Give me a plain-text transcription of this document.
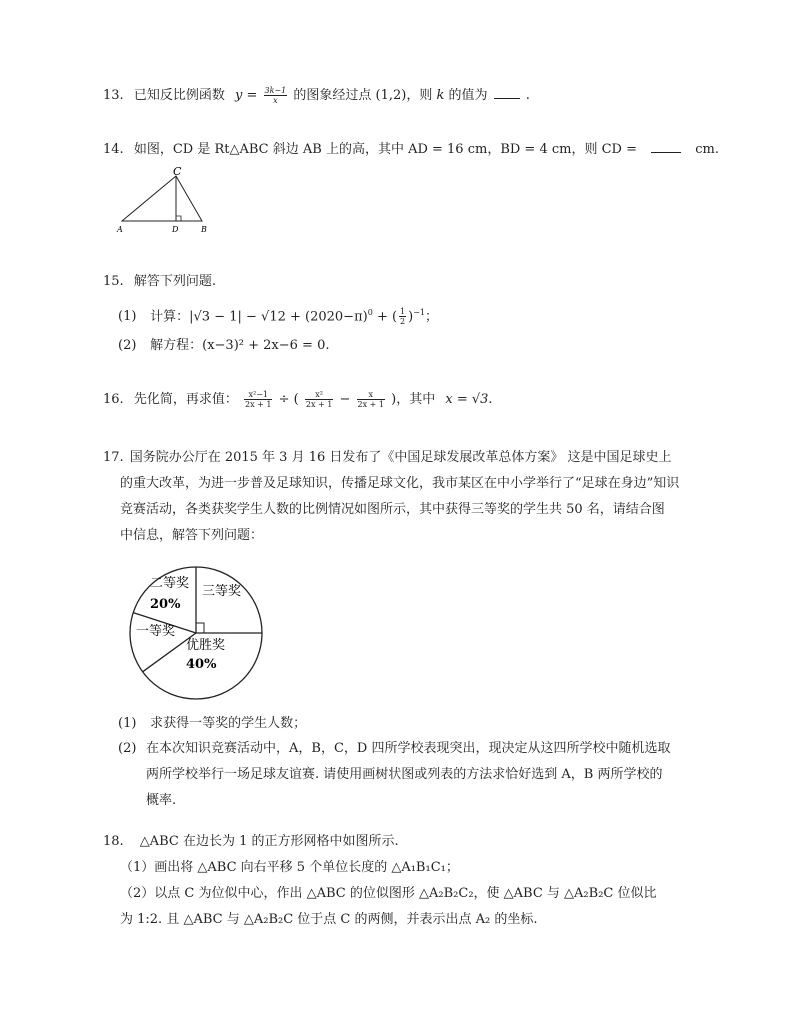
13. 已知反比例函数 $y = \frac{3k-1}{x}$ 的图象经过点 (1,2)，则 k 的值为	.
14. 如图，CD 是 Rt△ABC 斜边 AB 上的高，其中 AD = 16 cm，BD = 4 cm，则 CD =	cm.
C
A	D	B
15. 解答下列问题.
(1) 计算：$|√3 - 1| - √12 + (2020-\pi)^0$ + ( $\frac{1}{2} )^{-1}$；
(2) 解方程：(x−3)² + 2x−6 = 0.
16. 先化简，再求值： $\frac{\text{x²−1}}{2x + 1}$ ÷ ( $\frac{\text{x²}}{2x + 1} - \frac{x}{2x + 1}$ )，其中 x = √3.
17. 国务院办公厅在 2015 年 3 月 16 日发布了《中国足球发展改革总体方案》 这是中国足球史上
的重大改革，为进一步普及足球知识，传播足球文化，我市某区在中小学举行了“足球在身边”知识
竞赛活动，各类获奖学生人数的比例情况如图所示，其中获得三等奖的学生共 50 名，请结合图
中信息，解答下列问题：
二等奖
20%
三等奖
一等奖
优胜奖
40%
(1) 求获得一等奖的学生人数；
(2) 在本次知识竞赛活动中，A，B，C，D 四所学校表现突出，现决定从这四所学校中随机选取
两所学校举行一场足球友谊赛. 请使用画树状图或列表的方法求恰好选到 A，B 两所学校的
概率.
18. △ABC 在边长为 1 的正方形网格中如图所示.
（1）画出将 △ABC 向右平移 5 个单位长度的 △A₁B₁C₁；
（2）以点 C 为位似中心，作出 △ABC 的位似图形 △A₂B₂C₂，使 △ABC 与 △A₂B₂C 位似比
为 1:2. 且 △ABC 与 △A₂B₂C 位于点 C 的两侧，并表示出点 A₂ 的坐标.
